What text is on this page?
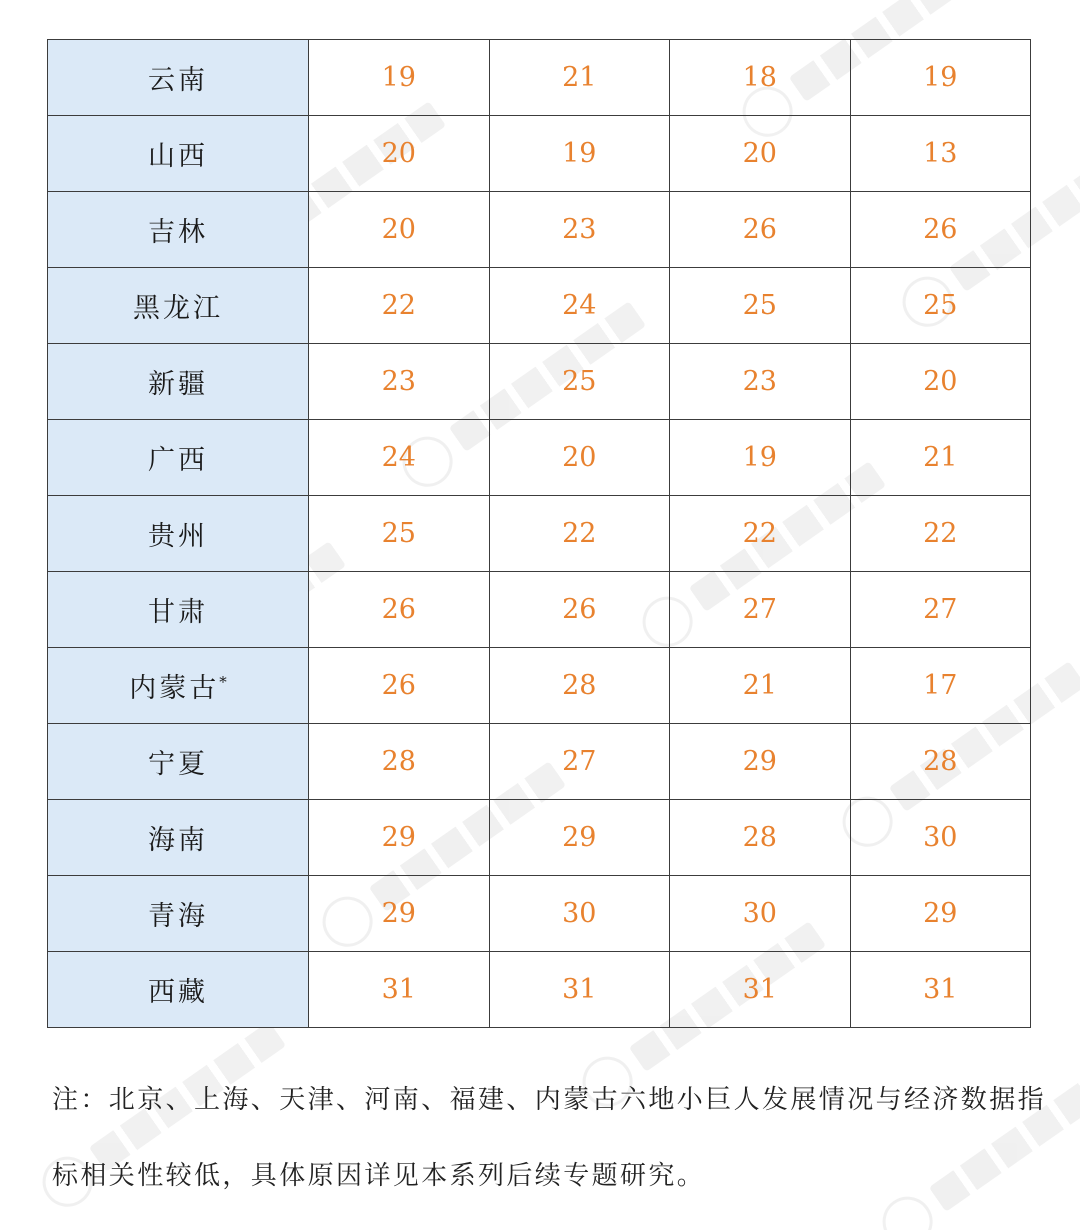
云南	19	21	18	19
山西	20	19	20	13
吉林	20	23	26	26
黑龙江	22	24	25	25
新疆	23	25	23	20
广西	24	20	19	21
贵州	25	22	22	22
甘肃	26	26	27	27
内蒙古*	26	28	21	17
宁夏	28	27	29	28
海南	29	29	28	30
青海	29	30	30	29
西藏	31	31	31	31
注：北京、上海、天津、河南、福建、内蒙古六地小巨人发展情况与经济数据指
标相关性较低，具体原因详见本系列后续专题研究。
